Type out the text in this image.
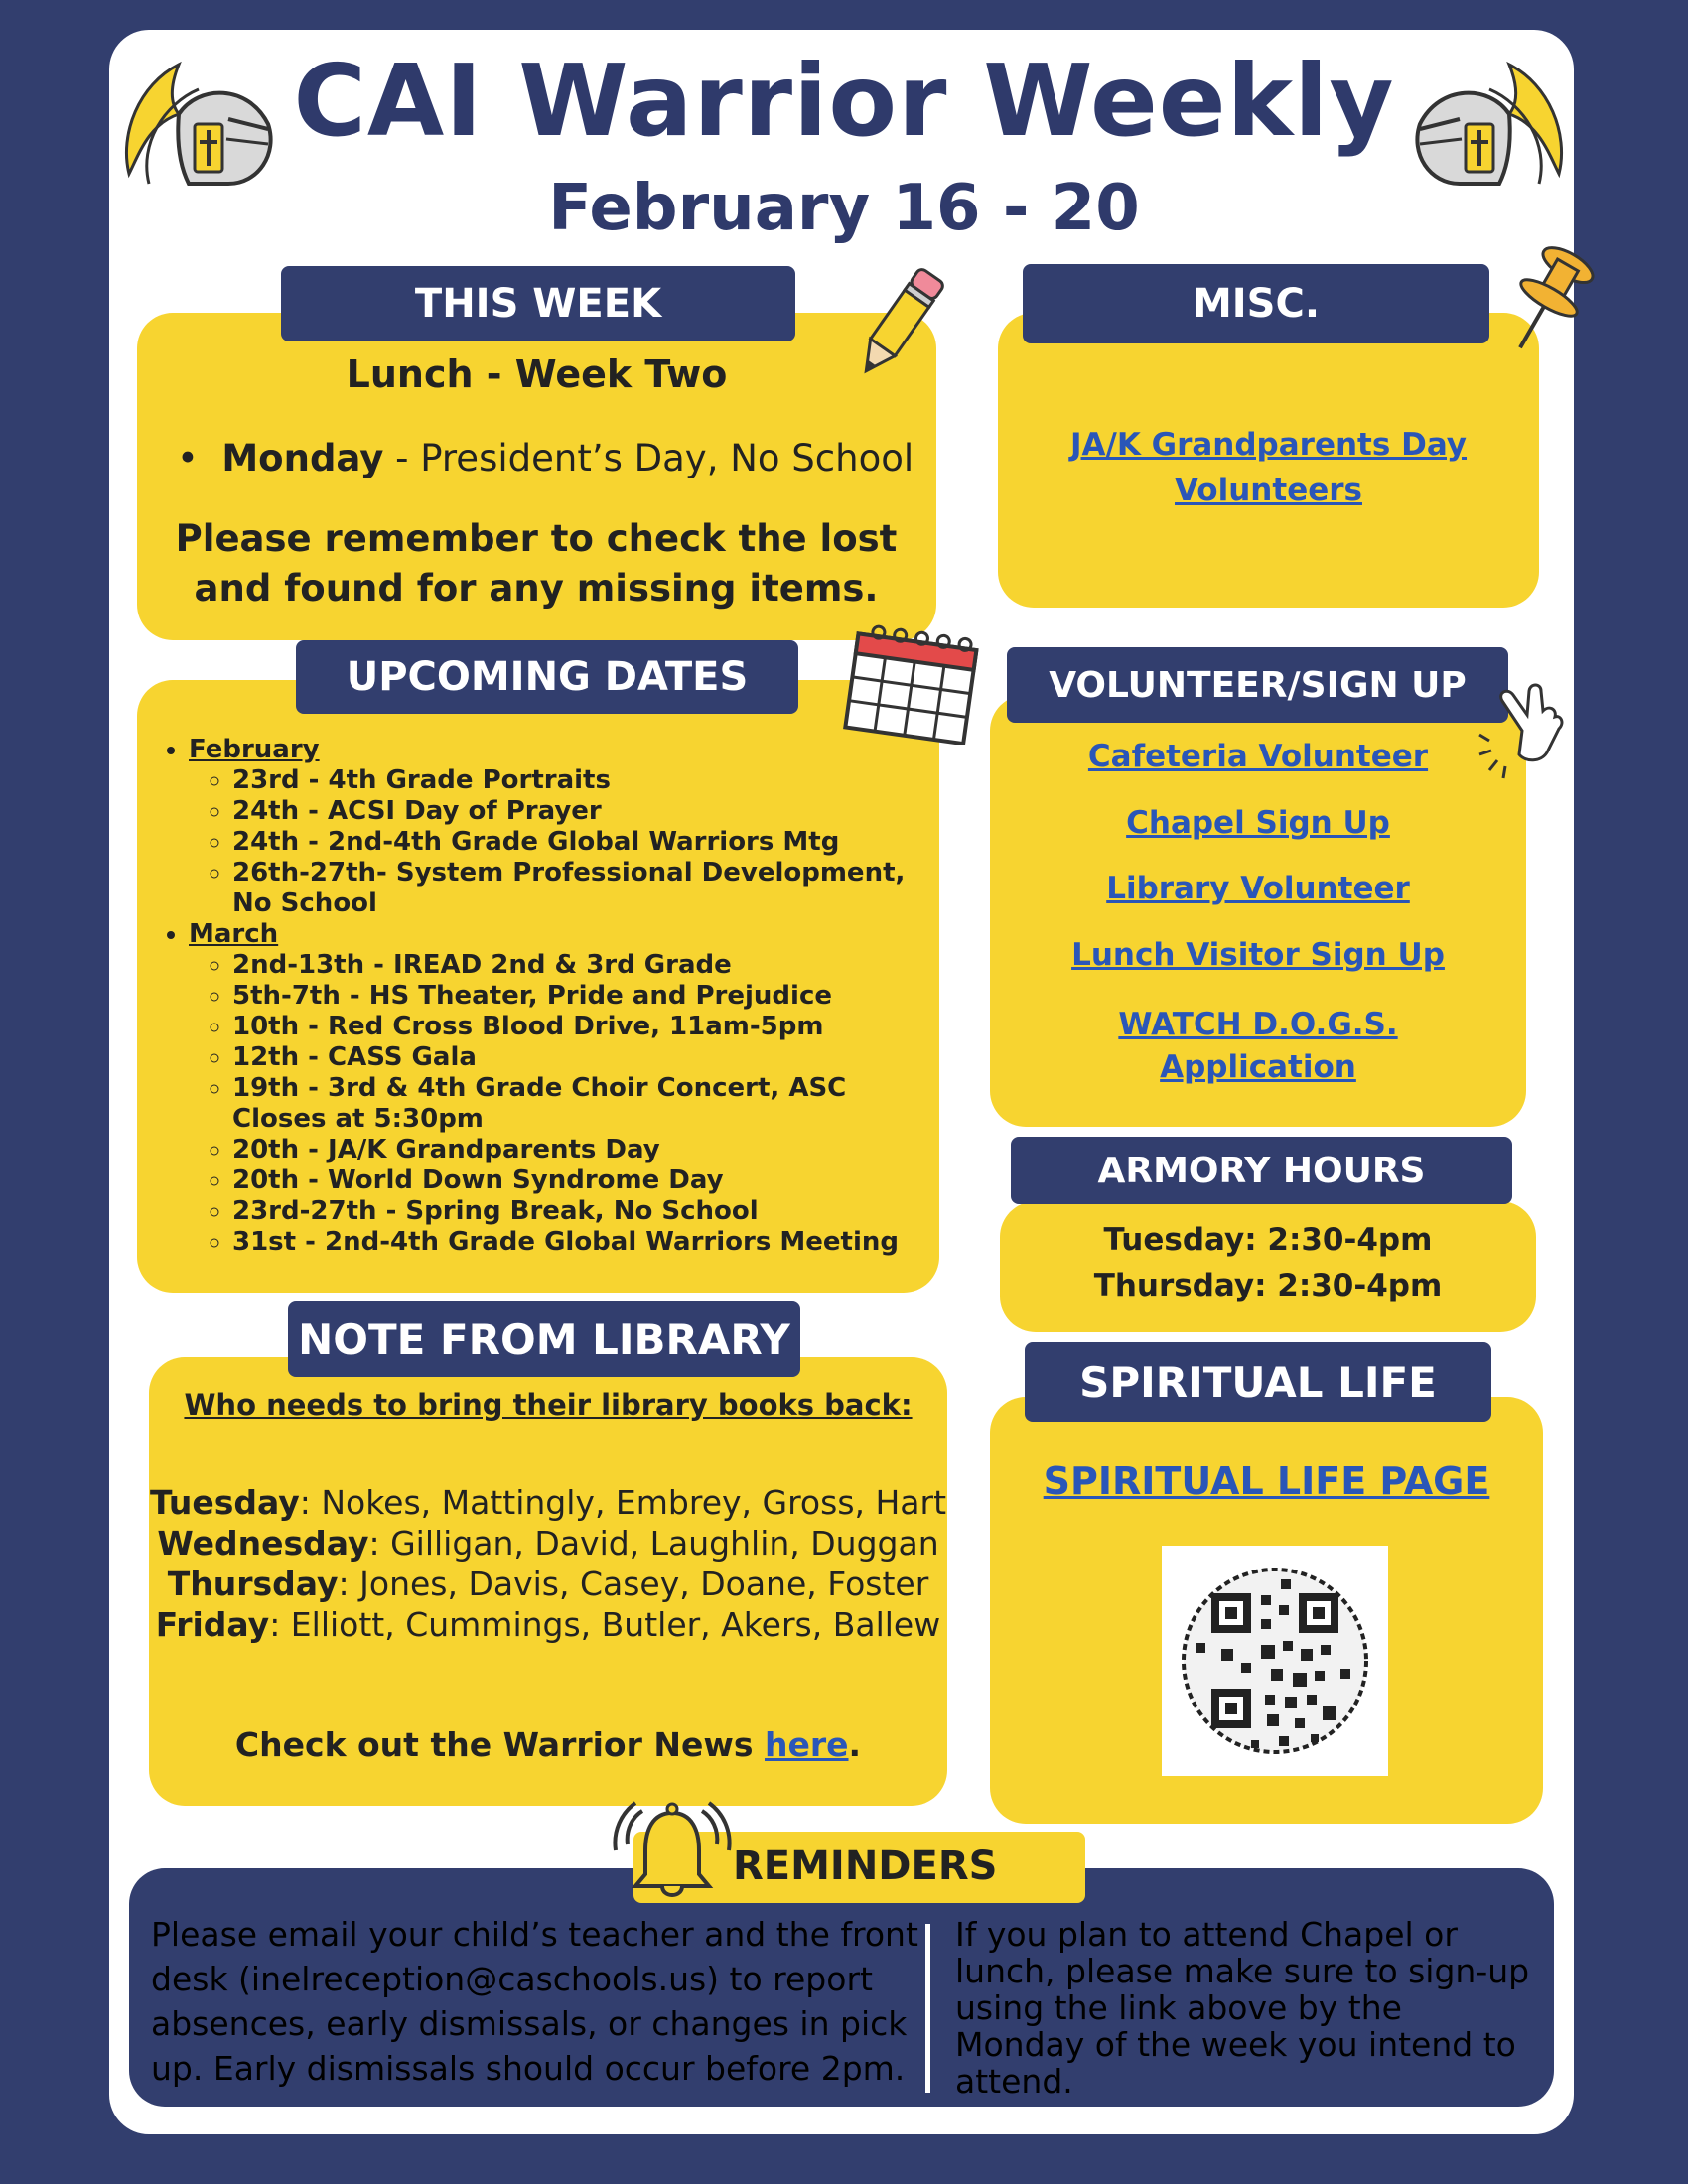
CAI Warrior Weekly
February 16 - 20
THIS WEEK
Lunch - Week Two
•  Monday - President’s Day, No School
Please remember to check the lost and found for any missing items.
UPCOMING DATES
• February
◦ 23rd - 4th Grade Portraits
◦ 24th - ACSI Day of Prayer
◦ 24th - 2nd-4th Grade Global Warriors Mtg
◦ 26th-27th- System Professional Development, No School
• March
◦ 2nd-13th - IREAD 2nd & 3rd Grade
◦ 5th-7th - HS Theater, Pride and Prejudice
◦ 10th - Red Cross Blood Drive, 11am-5pm
◦ 12th - CASS Gala
◦ 19th - 3rd & 4th Grade Choir Concert, ASC Closes at 5:30pm
◦ 20th - JA/K Grandparents Day
◦ 20th - World Down Syndrome Day
◦ 23rd-27th - Spring Break, No School
◦ 31st - 2nd-4th Grade Global Warriors Meeting
NOTE FROM LIBRARY
Who needs to bring their library books back:
Tuesday: Nokes, Mattingly, Embrey, Gross, Hart
Wednesday: Gilligan, David, Laughlin, Duggan
Thursday: Jones, Davis, Casey, Doane, Foster
Friday: Elliott, Cummings, Butler, Akers, Ballew
Check out the Warrior News here.
MISC.
JA/K Grandparents Day
Volunteers
VOLUNTEER/SIGN UP
Cafeteria Volunteer
Chapel Sign Up
Library Volunteer
Lunch Visitor Sign Up
WATCH D.O.G.S.
Application
ARMORY HOURS
Tuesday: 2:30-4pm
Thursday: 2:30-4pm
SPIRITUAL LIFE
SPIRITUAL LIFE PAGE
REMINDERS
Please email your child’s teacher and the front desk (inelreception@caschools.us) to report absences, early dismissals, or changes in pick up. Early dismissals should occur before 2pm.
If you plan to attend Chapel or lunch, please make sure to sign-up using the link above by the Monday of the week you intend to attend.
